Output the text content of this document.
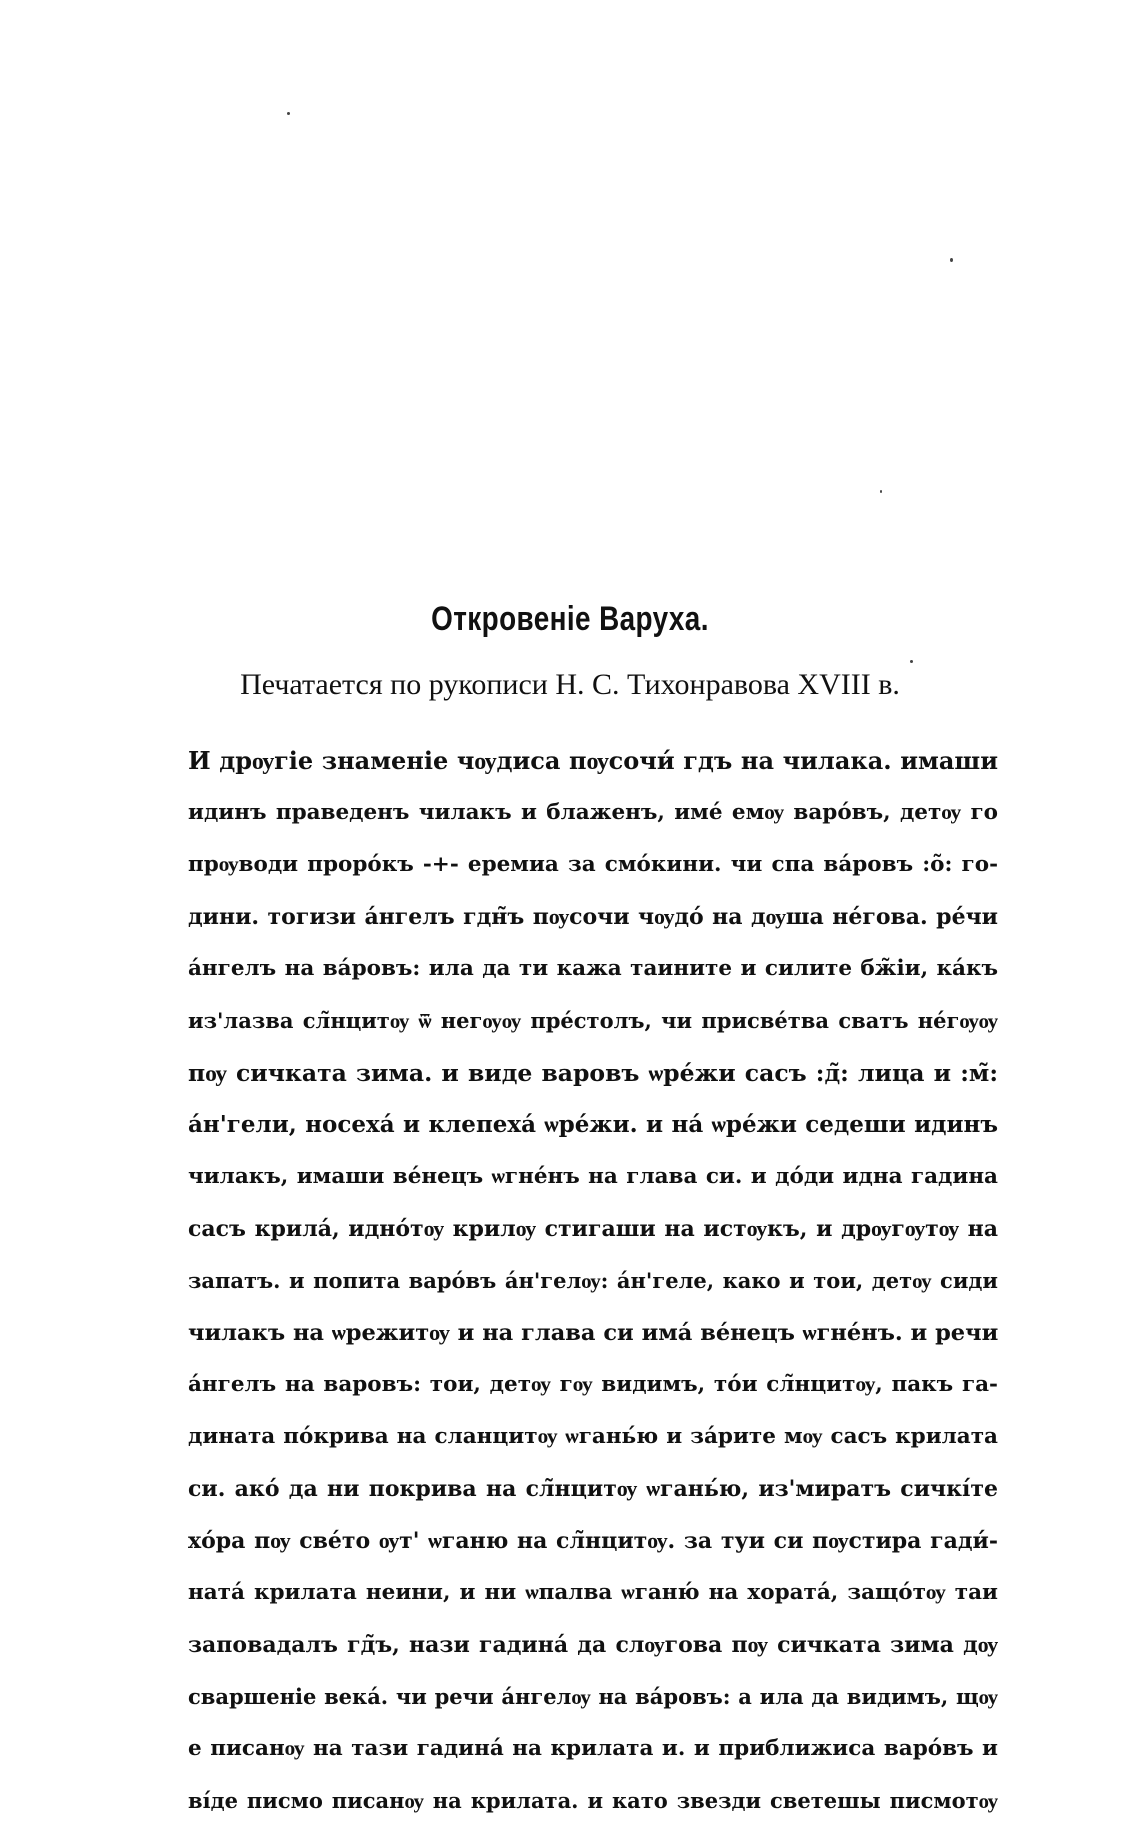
Откровеніе Варуха.
Печатается по рукописи Н. С. Тихонравова XVIII в.
И дрѹгіе знаменіе чѹдиса пѹсочи́ гдъ на чилака. имаши
идинъ праведенъ чилакъ и блаженъ, име́ емѹ варо́въ, детѹ го
прѹводи проро́къ -+- еремиа за смо́кини. чи спа ва́ровъ :о̃: го-
дини. тогизи а́нгелъ гдн̃ъ пѹсочи чѹдо́ на дѹша не́гова. ре́чи
а́нгелъ на ва́ровъ: ила да ти кажа таините и силите бж̃іи, ка́къ
из'лазва сл̃нцитѹ ѿ негѹѹ пре́столъ, чи присве́тва сватъ не́гѹѹ
пѹ сичката зима. и виде варовъ ѡре́жи сасъ :д̃: лица и :м̃:
а́н'гели, носеха́ и клепеха́ ѡре́жи. и на́ ѡре́жи седеши идинъ
чилакъ, имаши ве́нецъ ѡгне́нъ на глава си. и до́ди идна гадина
сасъ крила́, идно́тѹ крилѹ стигаши на истѹкъ, и дрѹгѹтѹ на
запатъ. и попита варо́въ а́н'гелѹ: а́н'геле, како и тои, детѹ сиди
чилакъ на ѡрежитѹ и на глава си има́ ве́нецъ ѡгне́нъ. и речи
а́нгелъ на варовъ: тои, детѹ гѹ видимъ, то́и сл̃нцитѹ, пакъ га-
дината по́крива на сланцитѹ ѡгань́ю и за́рите мѹ сасъ крилата
си. ако́ да ни покрива на сл̃нцитѹ ѡгань́ю, из'миратъ сичкі́те
хо́ра пѹ све́то ѹт' ѡганю на сл̃нцитѹ. за туи си пѹстира гади́-
ната́ крилата неини, и ни ѡпалва ѡганю́ на хората́, защо́тѹ таи
заповадалъ гд̃ъ, нази гадина́ да слѹгова пѹ сичката зима дѹ
сваршеніе века́. чи речи а́нгелѹ на ва́ровъ: а ила да видимъ, щѹ
е писанѹ на тази гадина́ на крилата и. и приближиса варо́въ и
ві́де писмо писанѹ на крилата. и като звезди светешы писмотѹ
